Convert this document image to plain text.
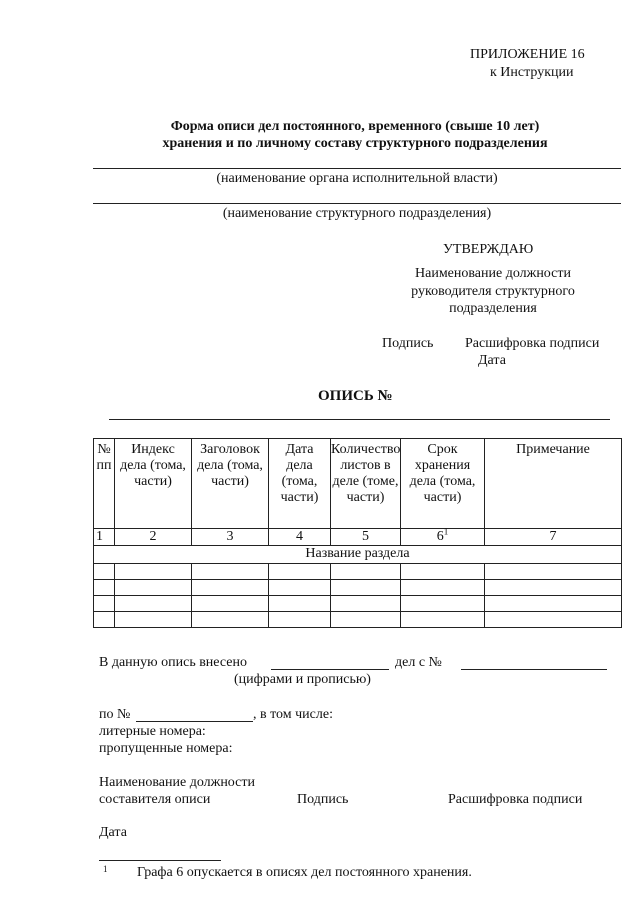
ПРИЛОЖЕНИЕ 16
к Инструкции
Форма описи дел постоянного, временного (свыше 10 лет)
хранения и по личному составу структурного подразделения
(наименование органа исполнительной власти)
(наименование структурного подразделения)
УТВЕРЖДАЮ
Наименование должности
руководителя структурного
подразделения
Подпись Расшифровка подписи
Дата
ОПИСЬ №
№ пп	Индекс дела (тома, части)	Заголовок дела (тома, части)	Дата дела (тома, части)	Количество листов в деле (томе, части)	Срок хранения дела (тома, части)	Примечание
1	2	3	4	5	$6^1$	7
Название раздела						

В данную опись внесено	дел с №
(цифрами и прописью)
по №	, в том числе:
литерные номера:
пропущенные номера:
Наименование должности
составителя описи	Подпись	Расшифровка подписи
Дата
1 Графа 6 опускается в описях дел постоянного хранения.
